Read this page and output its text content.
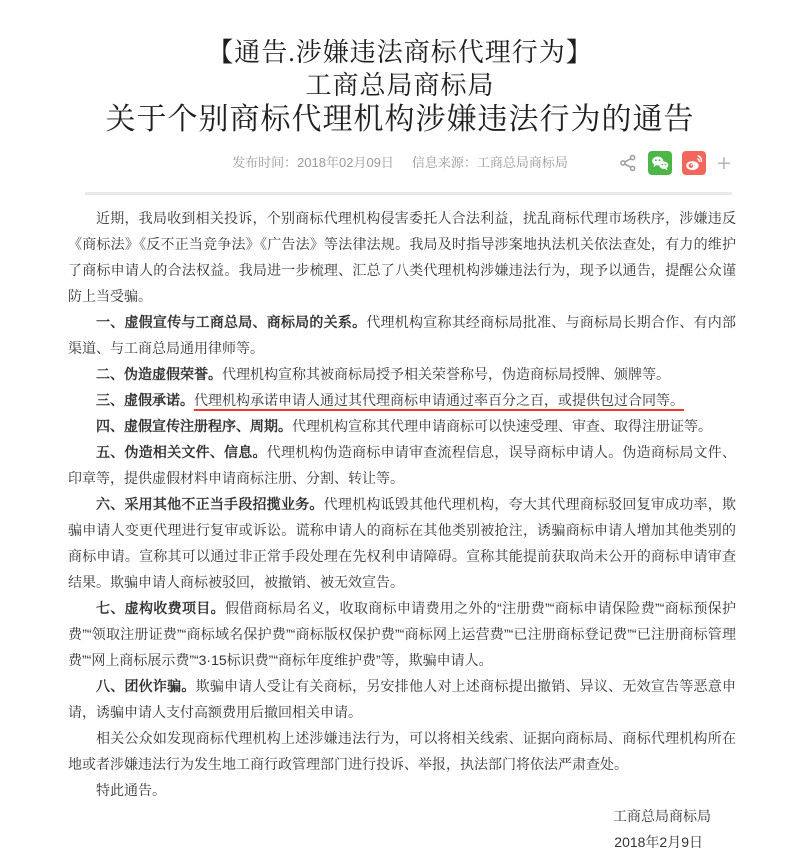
【通告.涉嫌违法商标代理行为】
工商总局商标局
关于个别商标代理机构涉嫌违法行为的通告
发布时间：2018年02月09日 信息来源：工商总局商标局	+

近期，我局收到相关投诉，个别商标代理机构侵害委托人合法利益，扰乱商标代理市场秩序，涉嫌违反《商标法》《反不正当竞争法》《广告法》等法律法规。我局及时指导涉案地执法机关依法查处，有力的维护了商标申请人的合法权益。我局进一步梳理、汇总了八类代理机构涉嫌违法行为，现予以通告，提醒公众谨防上当受骗。

一、虚假宣传与工商总局、商标局的关系。代理机构宣称其经商标局批准、与商标局长期合作、有内部渠道、与工商总局通用律师等。

二、伪造虚假荣誉。代理机构宣称其被商标局授予相关荣誉称号，伪造商标局授牌、颁牌等。

三、虚假承诺。代理机构承诺申请人通过其代理商标申请通过率百分之百，或提供包过合同等。

四、虚假宣传注册程序、周期。代理机构宣称其代理申请商标可以快速受理、审查、取得注册证等。

五、伪造相关文件、信息。代理机构伪造商标申请审查流程信息，误导商标申请人。伪造商标局文件、印章等，提供虚假材料申请商标注册、分割、转让等。

六、采用其他不正当手段招揽业务。代理机构诋毁其他代理机构，夸大其代理商标驳回复审成功率，欺骗申请人变更代理进行复审或诉讼。谎称申请人的商标在其他类别被抢注，诱骗商标申请人增加其他类别的商标申请。宣称其可以通过非正常手段处理在先权利申请障碍。宣称其能提前获取尚未公开的商标申请审查结果。欺骗申请人商标被驳回，被撤销、被无效宣告。

七、虚构收费项目。假借商标局名义，收取商标申请费用之外的“注册费”“商标申请保险费”“商标预保护费”“领取注册证费”“商标域名保护费”“商标版权保护费”“商标网上运营费”“已注册商标登记费”“已注册商标管理费”“网上商标展示费”“3·15标识费”“商标年度维护费”等，欺骗申请人。

八、团伙诈骗。欺骗申请人受让有关商标，另安排他人对上述商标提出撤销、异议、无效宣告等恶意申请，诱骗申请人支付高额费用后撤回相关申请。

相关公众如发现商标代理机构上述涉嫌违法行为，可以将相关线索、证据向商标局、商标代理机构所在地或者涉嫌违法行为发生地工商行政管理部门进行投诉、举报，执法部门将依法严肃查处。

特此通告。

工商总局商标局

2018年2月9日
